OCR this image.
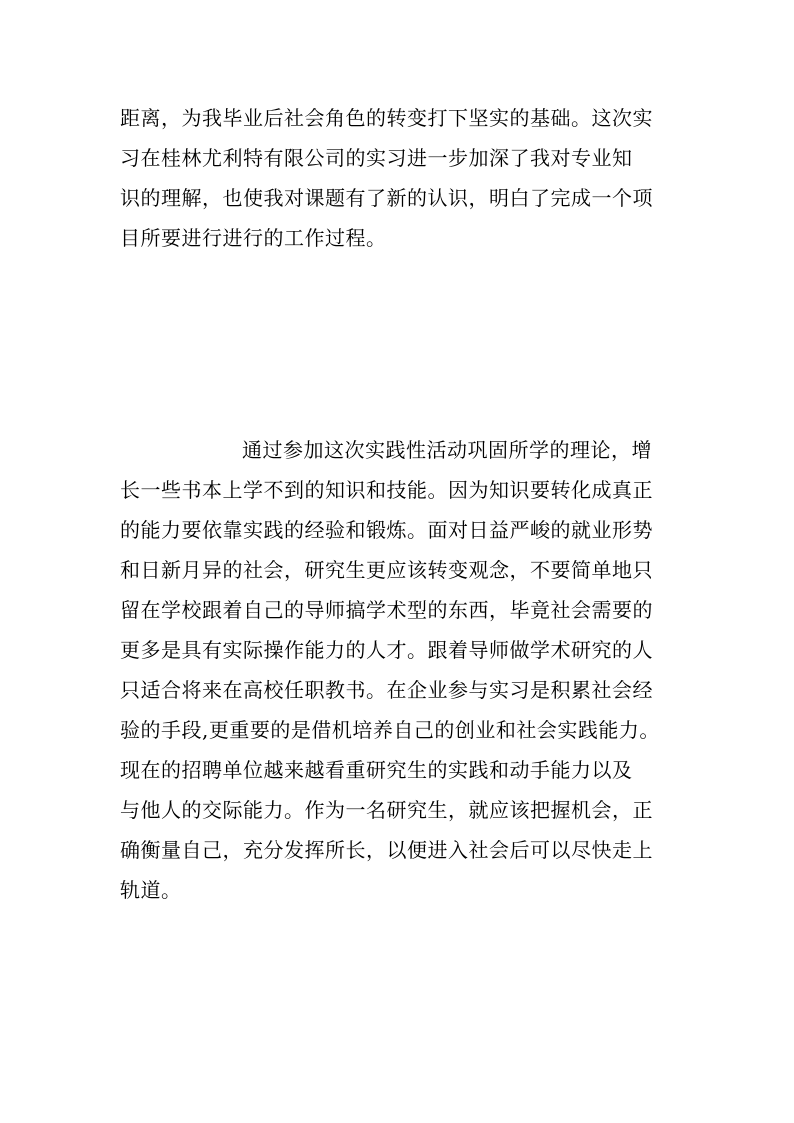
距离，为我毕业后社会角色的转变打下坚实的基础。这次实
习在桂林尤利特有限公司的实习进一步加深了我对专业知
识的理解，也使我对课题有了新的认识，明白了完成一个项
目所要进行进行的工作过程。
通过参加这次实践性活动巩固所学的理论，增
长一些书本上学不到的知识和技能。因为知识要转化成真正
的能力要依靠实践的经验和锻炼。面对日益严峻的就业形势
和日新月异的社会，研究生更应该转变观念，不要简单地只
留在学校跟着自己的导师搞学术型的东西，毕竟社会需要的
更多是具有实际操作能力的人才。跟着导师做学术研究的人
只适合将来在高校任职教书。在企业参与实习是积累社会经
验的手段,更重要的是借机培养自己的创业和社会实践能力。
现在的招聘单位越来越看重研究生的实践和动手能力以及
与他人的交际能力。作为一名研究生，就应该把握机会，正
确衡量自己，充分发挥所长，以便进入社会后可以尽快走上
轨道。
